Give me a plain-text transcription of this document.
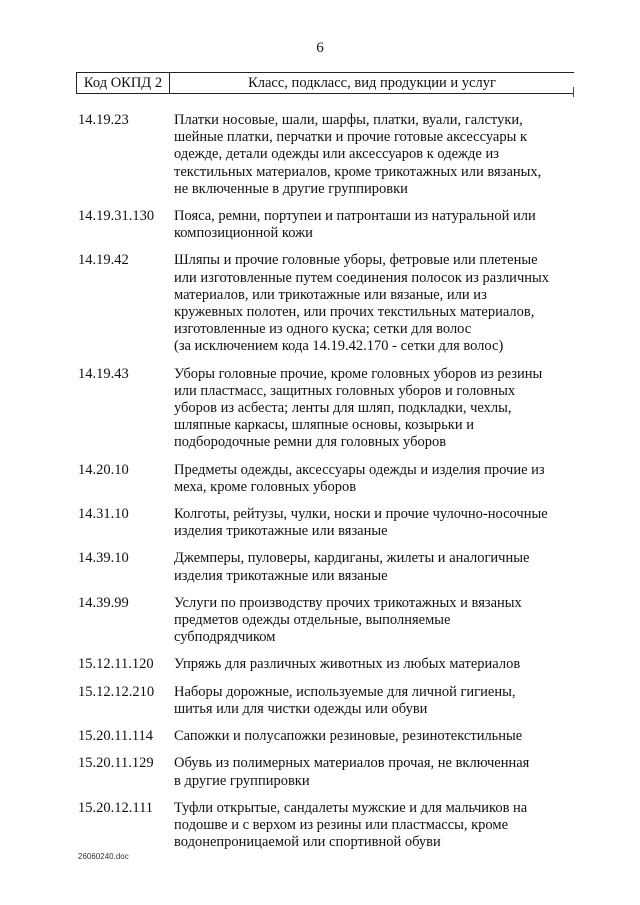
6
Код ОКПД 2	Класс, подкласс, вид продукции и услуг
14.19.23	Платки носовые, шали, шарфы, платки, вуали, галстуки,
шейные платки, перчатки и прочие готовые аксессуары к
одежде, детали одежды или аксессуаров к одежде из
текстильных материалов, кроме трикотажных или вязаных,
не включенные в другие группировки
14.19.31.130	Пояса, ремни, портупеи и патронташи из натуральной или
композиционной кожи
14.19.42	Шляпы и прочие головные уборы, фетровые или плетеные
или изготовленные путем соединения полосок из различных
материалов, или трикотажные или вязаные, или из
кружевных полотен, или прочих текстильных материалов,
изготовленные из одного куска; сетки для волос
(за исключением кода 14.19.42.170 - сетки для волос)
14.19.43	Уборы головные прочие, кроме головных уборов из резины
или пластмасс, защитных головных уборов и головных
уборов из асбеста; ленты для шляп, подкладки, чехлы,
шляпные каркасы, шляпные основы, козырьки и
подбородочные ремни для головных уборов
14.20.10	Предметы одежды, аксессуары одежды и изделия прочие из
меха, кроме головных уборов
14.31.10	Колготы, рейтузы, чулки, носки и прочие чулочно-носочные
изделия трикотажные или вязаные
14.39.10	Джемперы, пуловеры, кардиганы, жилеты и аналогичные
изделия трикотажные или вязаные
14.39.99	Услуги по производству прочих трикотажных и вязаных
предметов одежды отдельные, выполняемые
субподрядчиком
15.12.11.120	Упряжь для различных животных из любых материалов
15.12.12.210	Наборы дорожные, используемые для личной гигиены,
шитья или для чистки одежды или обуви
15.20.11.114	Сапожки и полусапожки резиновые, резинотекстильные
15.20.11.129	Обувь из полимерных материалов прочая, не включенная
в другие группировки
15.20.12.111	Туфли открытые, сандалеты мужские и для мальчиков на
подошве и с верхом из резины или пластмассы, кроме
водонепроницаемой или спортивной обуви
26060240.doc
